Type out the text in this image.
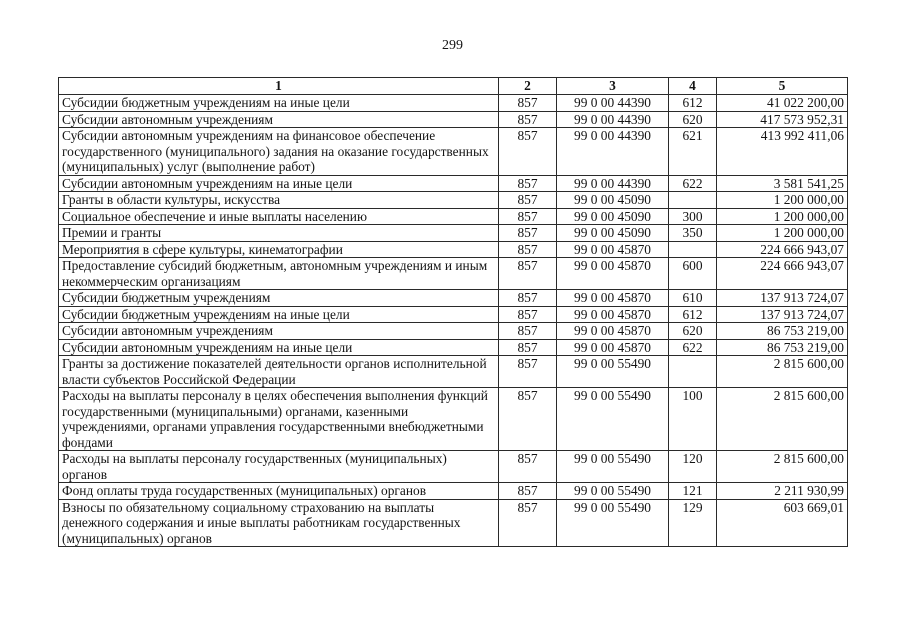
299
1	2	3	4	5
Субсидии бюджетным учреждениям на иные цели	857	99 0 00 44390	612	41 022 200,00
Субсидии автономным учреждениям	857	99 0 00 44390	620	417 573 952,31
Субсидии автономным учреждениям на финансовое обеспечение государственного (муниципального) задания на оказание государственных (муниципальных) услуг (выполнение работ)	857	99 0 00 44390	621	413 992 411,06
Субсидии автономным учреждениям на иные цели	857	99 0 00 44390	622	3 581 541,25
Гранты в области культуры, искусства	857	99 0 00 45090		1 200 000,00
Социальное обеспечение и иные выплаты населению	857	99 0 00 45090	300	1 200 000,00
Премии и гранты	857	99 0 00 45090	350	1 200 000,00
Мероприятия в сфере культуры, кинематографии	857	99 0 00 45870		224 666 943,07
Предоставление субсидий бюджетным, автономным учреждениям и иным некоммерческим организациям	857	99 0 00 45870	600	224 666 943,07
Субсидии бюджетным учреждениям	857	99 0 00 45870	610	137 913 724,07
Субсидии бюджетным учреждениям на иные цели	857	99 0 00 45870	612	137 913 724,07
Субсидии автономным учреждениям	857	99 0 00 45870	620	86 753 219,00
Субсидии автономным учреждениям на иные цели	857	99 0 00 45870	622	86 753 219,00
Гранты за достижение показателей деятельности органов исполнительной власти субъектов Российской Федерации	857	99 0 00 55490		2 815 600,00
Расходы на выплаты персоналу в целях обеспечения выполнения функций государственными (муниципальными) органами, казенными учреждениями, органами управления государственными внебюджетными фондами	857	99 0 00 55490	100	2 815 600,00
Расходы на выплаты персоналу государственных (муниципальных) органов	857	99 0 00 55490	120	2 815 600,00
Фонд оплаты труда государственных (муниципальных) органов	857	99 0 00 55490	121	2 211 930,99
Взносы по обязательному социальному страхованию на выплаты денежного содержания и иные выплаты работникам государственных (муниципальных) органов	857	99 0 00 55490	129	603 669,01
